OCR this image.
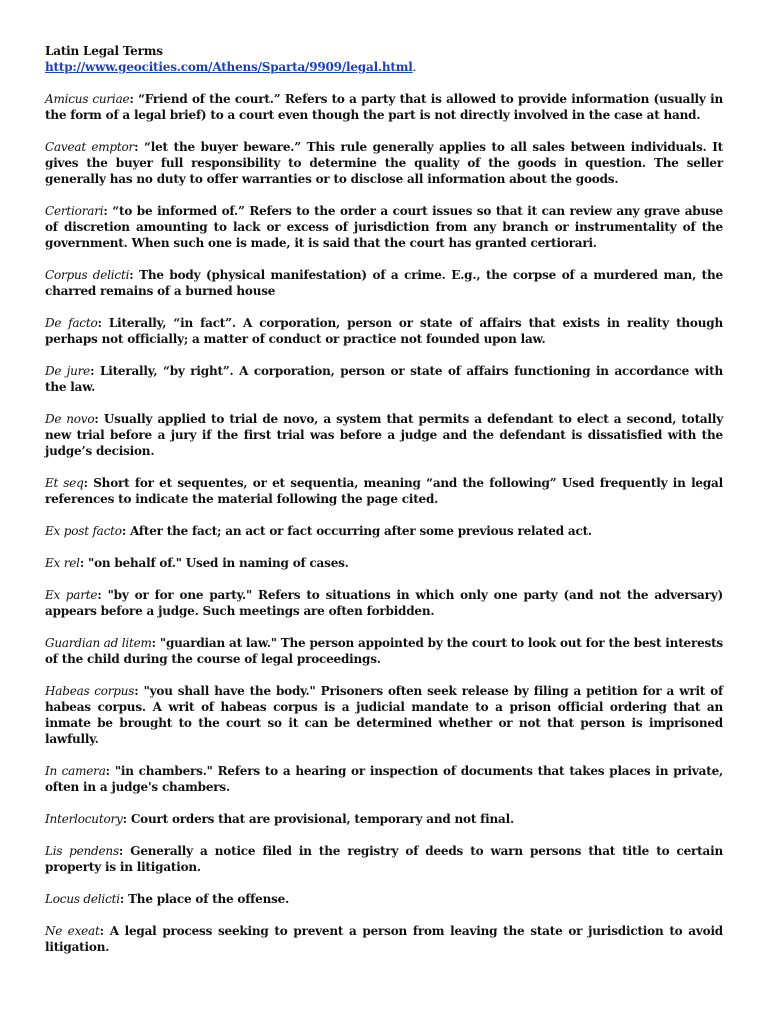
Latin Legal Terms
http://www.geocities.com/Athens/Sparta/9909/legal.html.

Amicus curiae: “Friend of the court.” Refers to a party that is allowed to provide information (usually in the form of a legal brief) to a court even though the part is not directly involved in the case at hand.

Caveat emptor: “let the buyer beware.” This rule generally applies to all sales between individuals. It gives the buyer full responsibility to determine the quality of the goods in question. The seller generally has no duty to offer warranties or to disclose all information about the goods.

Certiorari: “to be informed of.” Refers to the order a court issues so that it can review any grave abuse of discretion amounting to lack or excess of jurisdiction from any branch or instrumentality of the government. When such one is made, it is said that the court has granted certiorari.

Corpus delicti: The body (physical manifestation) of a crime. E.g., the corpse of a murdered man, the charred remains of a burned house

De facto: Literally, “in fact”. A corporation, person or state of affairs that exists in reality though perhaps not officially; a matter of conduct or practice not founded upon law.

De jure: Literally, “by right”. A corporation, person or state of affairs functioning in accordance with the law.

De novo: Usually applied to trial de novo, a system that permits a defendant to elect a second, totally new trial before a jury if the first trial was before a judge and the defendant is dissatisfied with the judge’s decision.

Et seq: Short for et sequentes, or et sequentia, meaning “and the following” Used frequently in legal references to indicate the material following the page cited.

Ex post facto: After the fact; an act or fact occurring after some previous related act.

Ex rel: "on behalf of." Used in naming of cases.

Ex parte: "by or for one party." Refers to situations in which only one party (and not the adversary) appears before a judge. Such meetings are often forbidden.

Guardian ad litem: "guardian at law." The person appointed by the court to look out for the best interests of the child during the course of legal proceedings.

Habeas corpus: "you shall have the body." Prisoners often seek release by filing a petition for a writ of habeas corpus. A writ of habeas corpus is a judicial mandate to a prison official ordering that an inmate be brought to the court so it can be determined whether or not that person is imprisoned lawfully.

In camera: "in chambers." Refers to a hearing or inspection of documents that takes places in private, often in a judge's chambers.

Interlocutory: Court orders that are provisional, temporary and not final.

Lis pendens: Generally a notice filed in the registry of deeds to warn persons that title to certain property is in litigation.

Locus delicti: The place of the offense.

Ne exeat: A legal process seeking to prevent a person from leaving the state or jurisdiction to avoid litigation.
